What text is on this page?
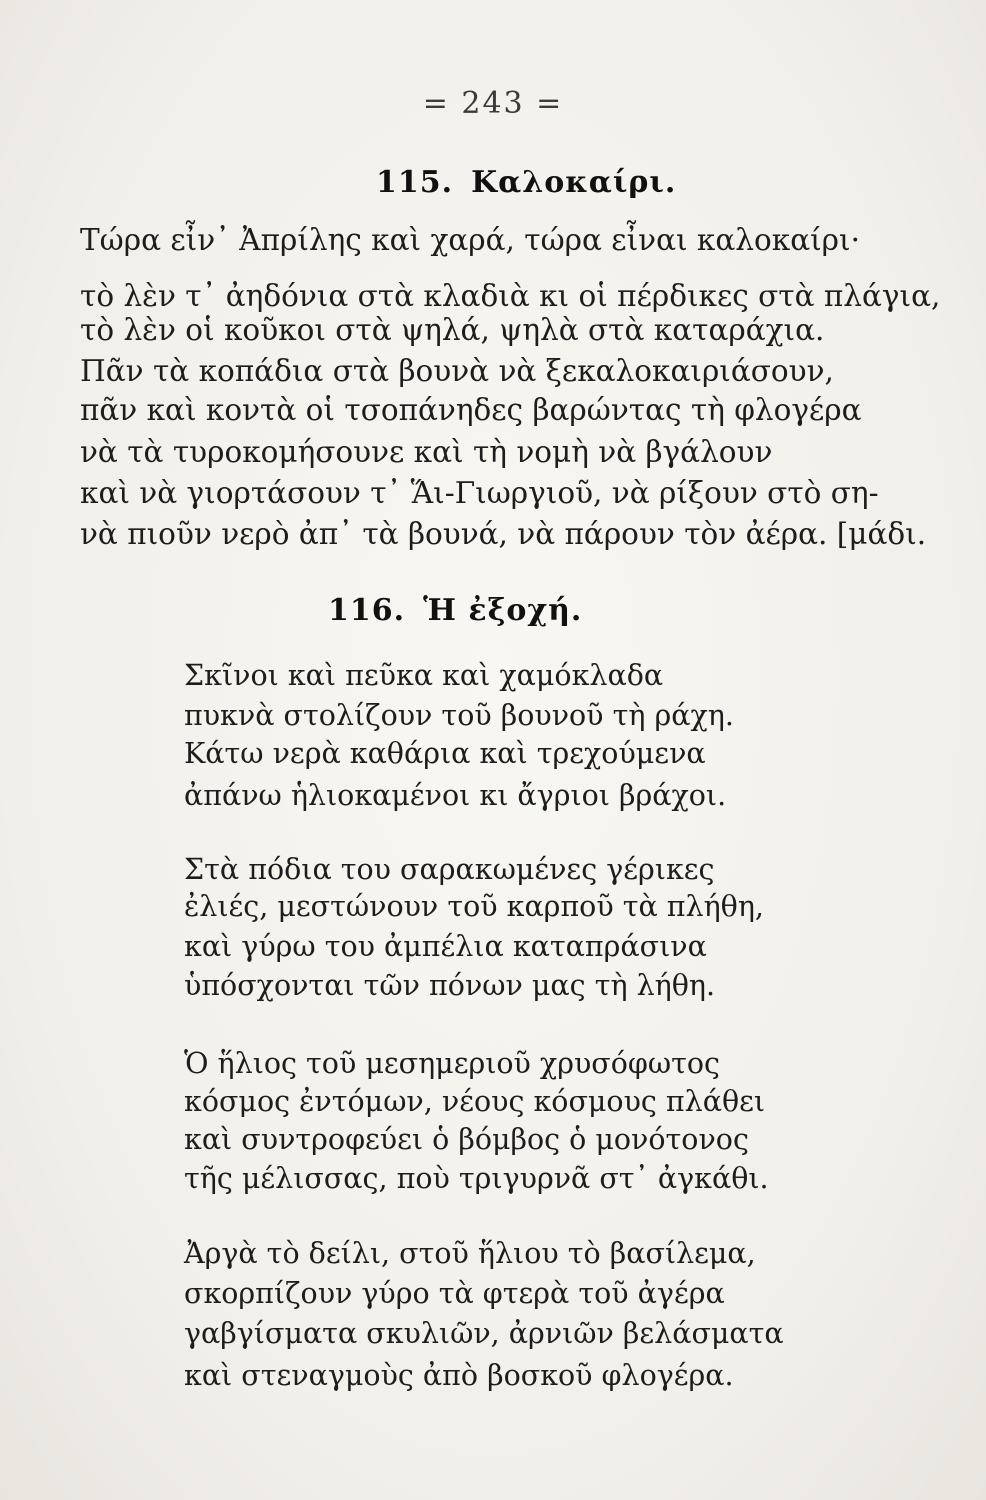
= 243 =
115. Καλοκαίρι.
Τώρα εἶν᾿ Ἀπρίλης καὶ χαρά, τώρα εἶναι καλοκαίρι·
τὸ λὲν τ᾿ ἀηδόνια στὰ κλαδιὰ κι οἱ πέρδικες στὰ πλάγια,
τὸ λὲν οἱ κοῦκοι στὰ ψηλά, ψηλὰ στὰ καταράχια.
Πᾶν τὰ κοπάδια στὰ βουνὰ νὰ ξεκαλοκαιριάσουν,
πᾶν καὶ κοντὰ οἱ τσοπάνηδες βαρώντας τὴ φλογέρα
νὰ τὰ τυροκομήσουνε καὶ τὴ νομὴ νὰ βγάλουν
καὶ νὰ γιορτάσουν τ᾿ Ἅι-Γιωργιοῦ, νὰ ρίξουν στὸ ση-
νὰ πιοῦν νερὸ ἀπ᾿ τὰ βουνά, νὰ πάρουν τὸν ἀέρα. [μάδι.
116. Ἡ ἐξοχή.
Σκῖνοι καὶ πεῦκα καὶ χαμόκλαδα
πυκνὰ στολίζουν τοῦ βουνοῦ τὴ ράχη.
Κάτω νερὰ καθάρια καὶ τρεχούμενα
ἀπάνω ἡλιοκαμένοι κι ἄγριοι βράχοι.
Στὰ πόδια του σαρακωμένες γέρικες
ἐλιές, μεστώνουν τοῦ καρποῦ τὰ πλήθη,
καὶ γύρω του ἀμπέλια καταπράσινα
ὑπόσχονται τῶν πόνων μας τὴ λήθη.
Ὁ ἥλιος τοῦ μεσημεριοῦ χρυσόφωτος
κόσμος ἐντόμων, νέους κόσμους πλάθει
καὶ συντροφεύει ὁ βόμβος ὁ μονότονος
τῆς μέλισσας, ποὺ τριγυρνᾶ στ᾿ ἀγκάθι.
Ἀργὰ τὸ δείλι, στοῦ ἥλιου τὸ βασίλεμα,
σκορπίζουν γύρο τὰ φτερὰ τοῦ ἀγέρα
γαβγίσματα σκυλιῶν, ἀρνιῶν βελάσματα
καὶ στεναγμοὺς ἀπὸ βοσκοῦ φλογέρα.
